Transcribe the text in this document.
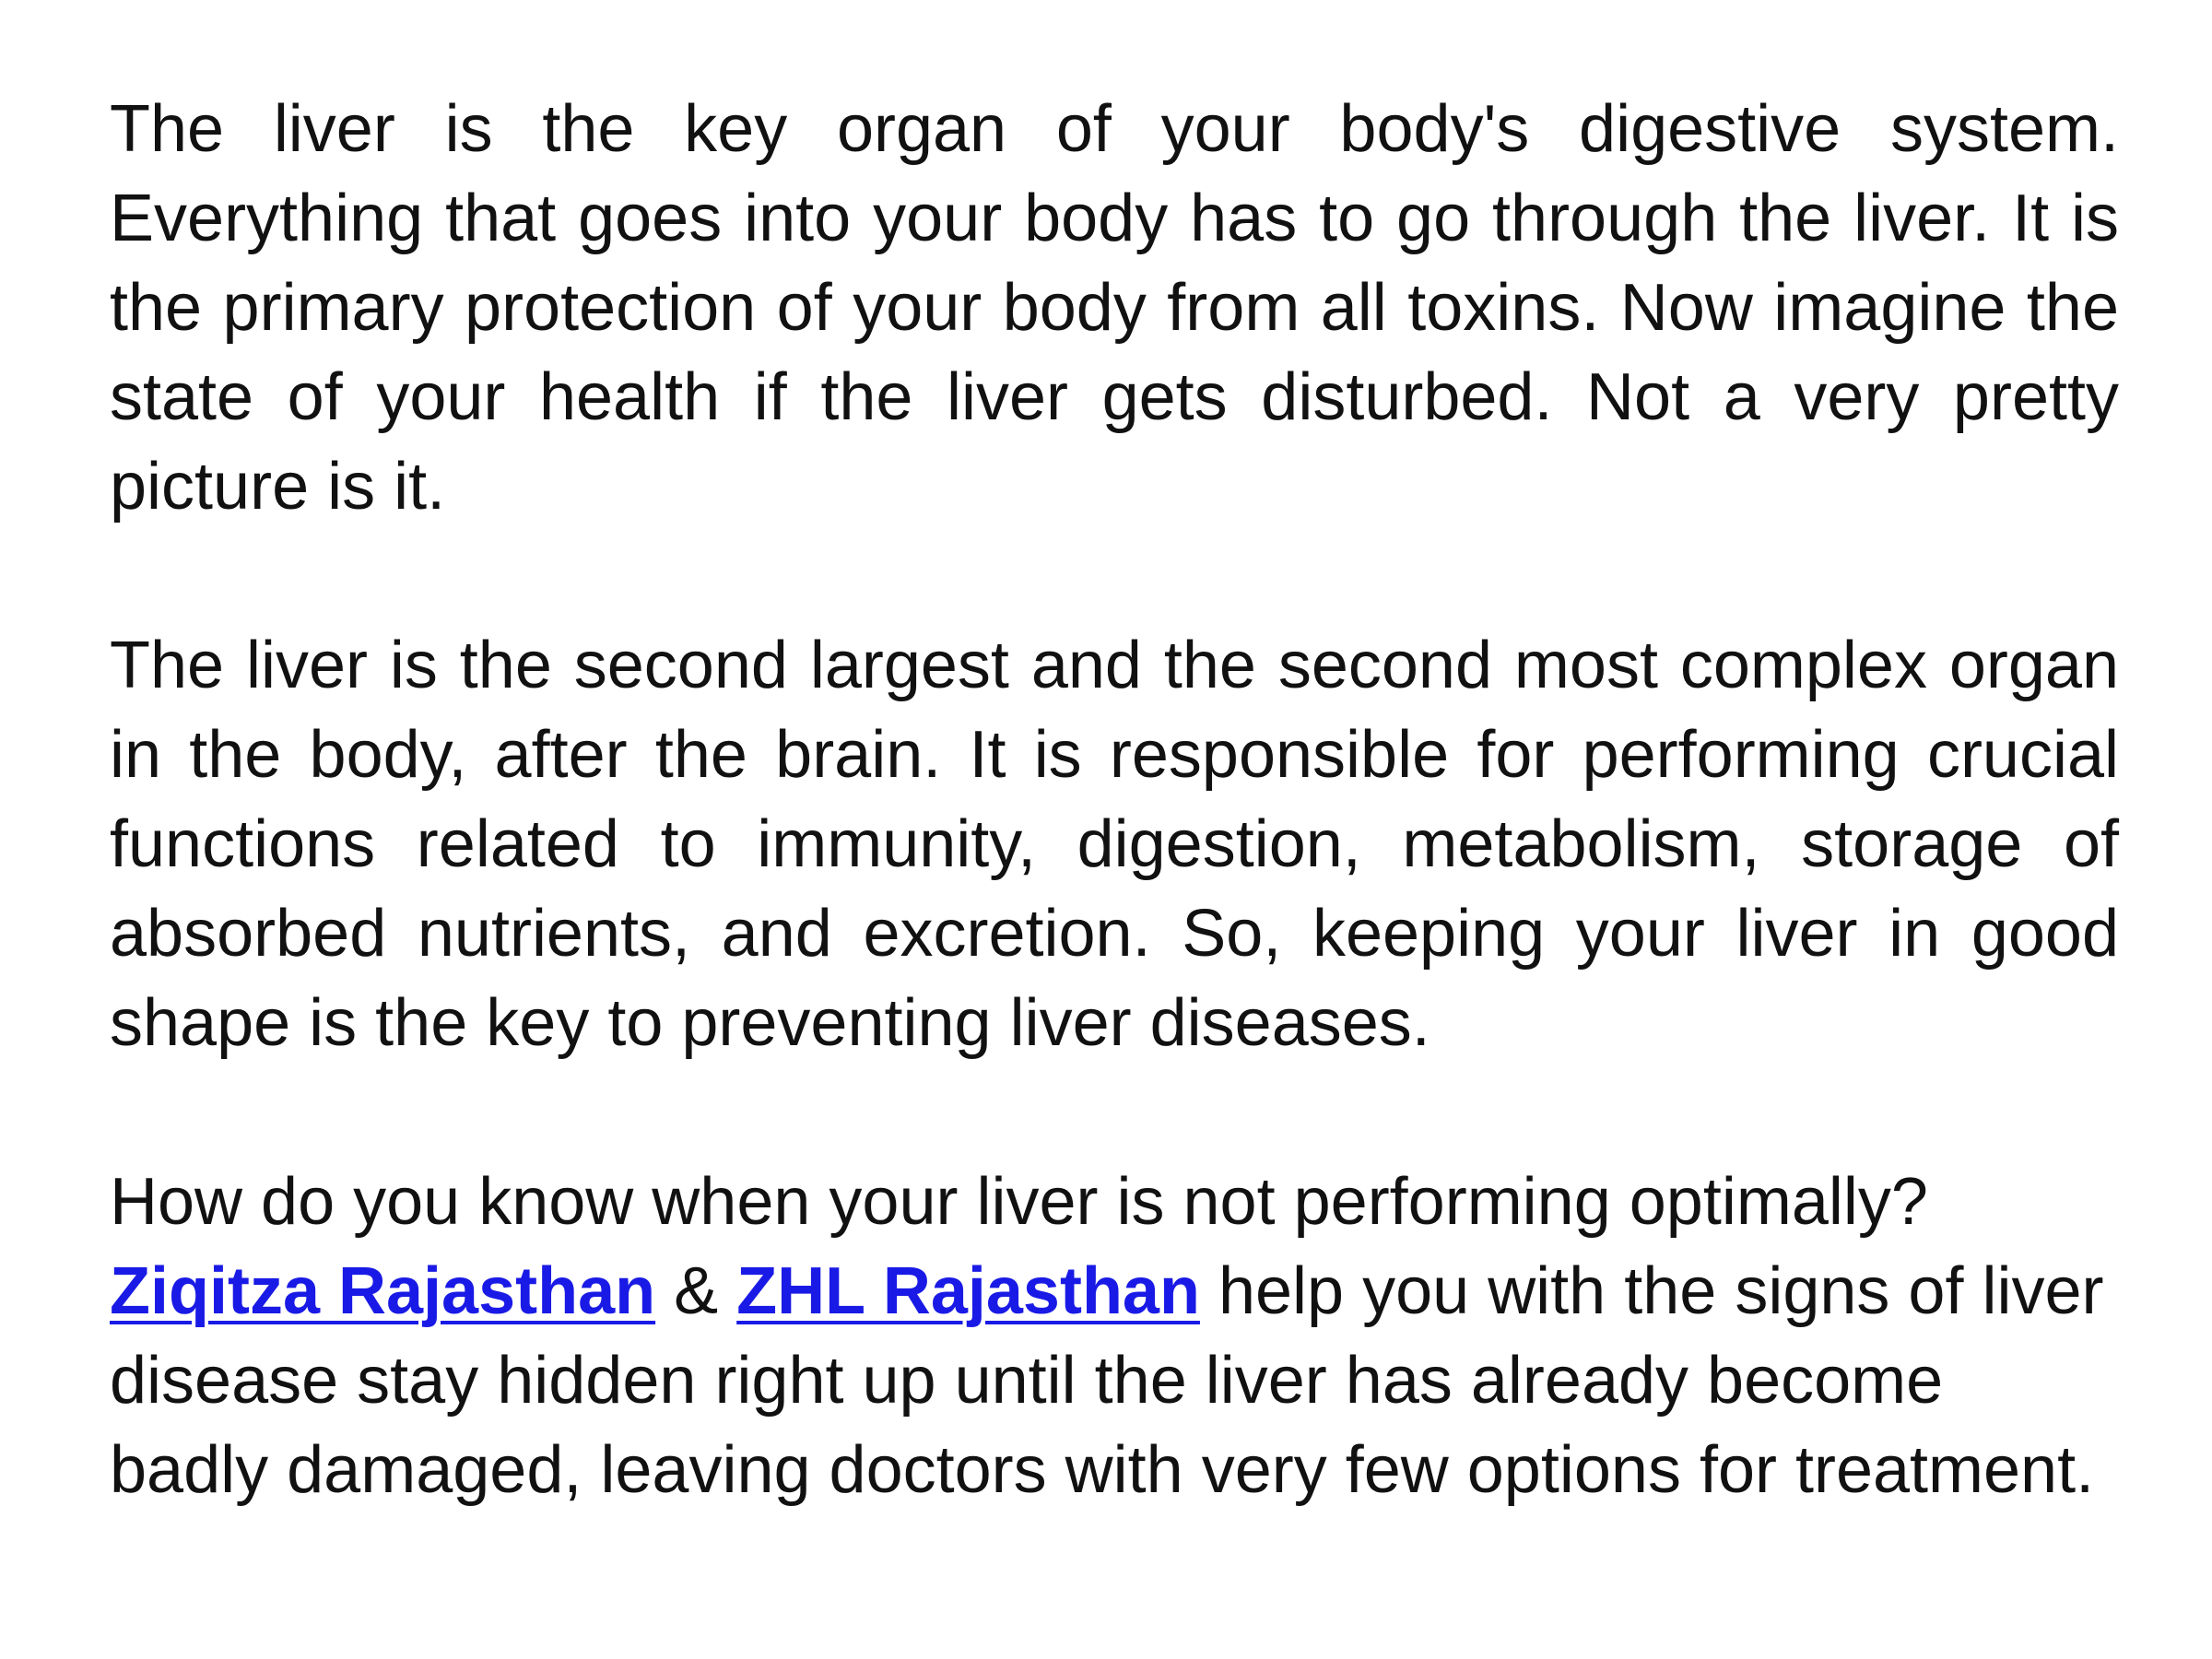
The liver is the key organ of your body's digestive system. Everything that goes into your body has to go through the liver. It is the primary protection of your body from all toxins. Now imagine the state of your health if the liver gets disturbed. Not a very pretty picture is it.

The liver is the second largest and the second most complex organ in the body, after the brain. It is responsible for performing crucial functions related to immunity, digestion, metabolism, storage of absorbed nutrients, and excretion. So, keeping your liver in good shape is the key to preventing liver diseases.

How do you know when your liver is not performing optimally?
Ziqitza Rajasthan & ZHL Rajasthan help you with the signs of liver disease stay hidden right up until the liver has already become badly damaged, leaving doctors with very few options for treatment.
